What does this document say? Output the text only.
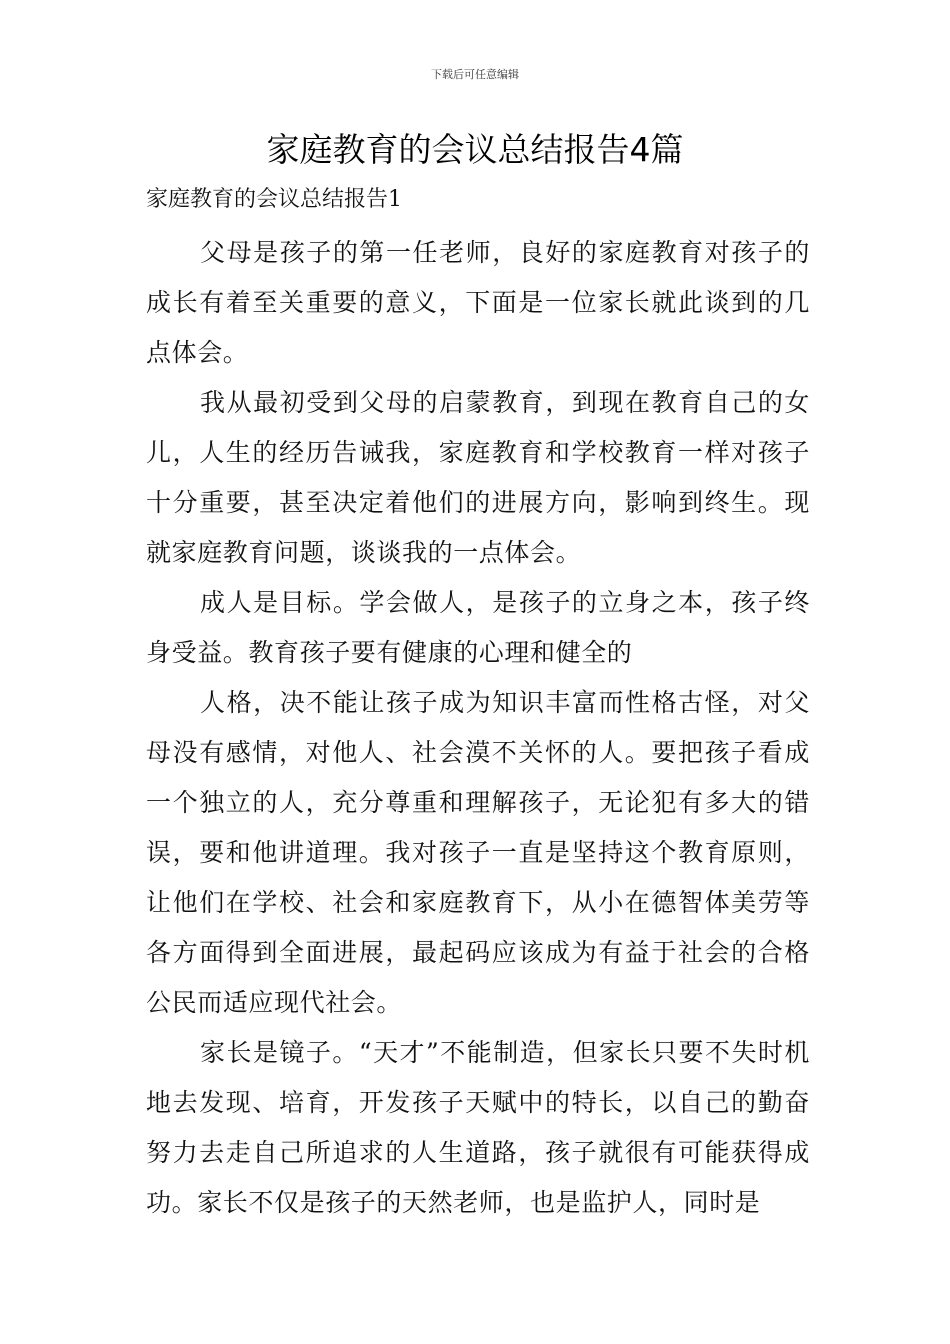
下载后可任意编辑
家庭教育的会议总结报告4篇
家庭教育的会议总结报告1

父母是孩子的第一任老师，良好的家庭教育对孩子的成长有着至关重要的意义，下面是一位家长就此谈到的几点体会。

我从最初受到父母的启蒙教育，到现在教育自己的女儿，人生的经历告诫我，家庭教育和学校教育一样对孩子十分重要，甚至决定着他们的进展方向，影响到终生。现就家庭教育问题，谈谈我的一点体会。

成人是目标。学会做人，是孩子的立身之本，孩子终身受益。教育孩子要有健康的心理和健全的

人格，决不能让孩子成为知识丰富而性格古怪，对父母没有感情，对他人、社会漠不关怀的人。要把孩子看成一个独立的人，充分尊重和理解孩子，无论犯有多大的错误，要和他讲道理。我对孩子一直是坚持这个教育原则，让他们在学校、社会和家庭教育下，从小在德智体美劳等各方面得到全面进展，最起码应该成为有益于社会的合格公民而适应现代社会。

家长是镜子。“天才”不能制造，但家长只要不失时机地去发现、培育，开发孩子天赋中的特长，以自己的勤奋努力去走自己所追求的人生道路，孩子就很有可能获得成功。家长不仅是孩子的天然老师，也是监护人，同时是
